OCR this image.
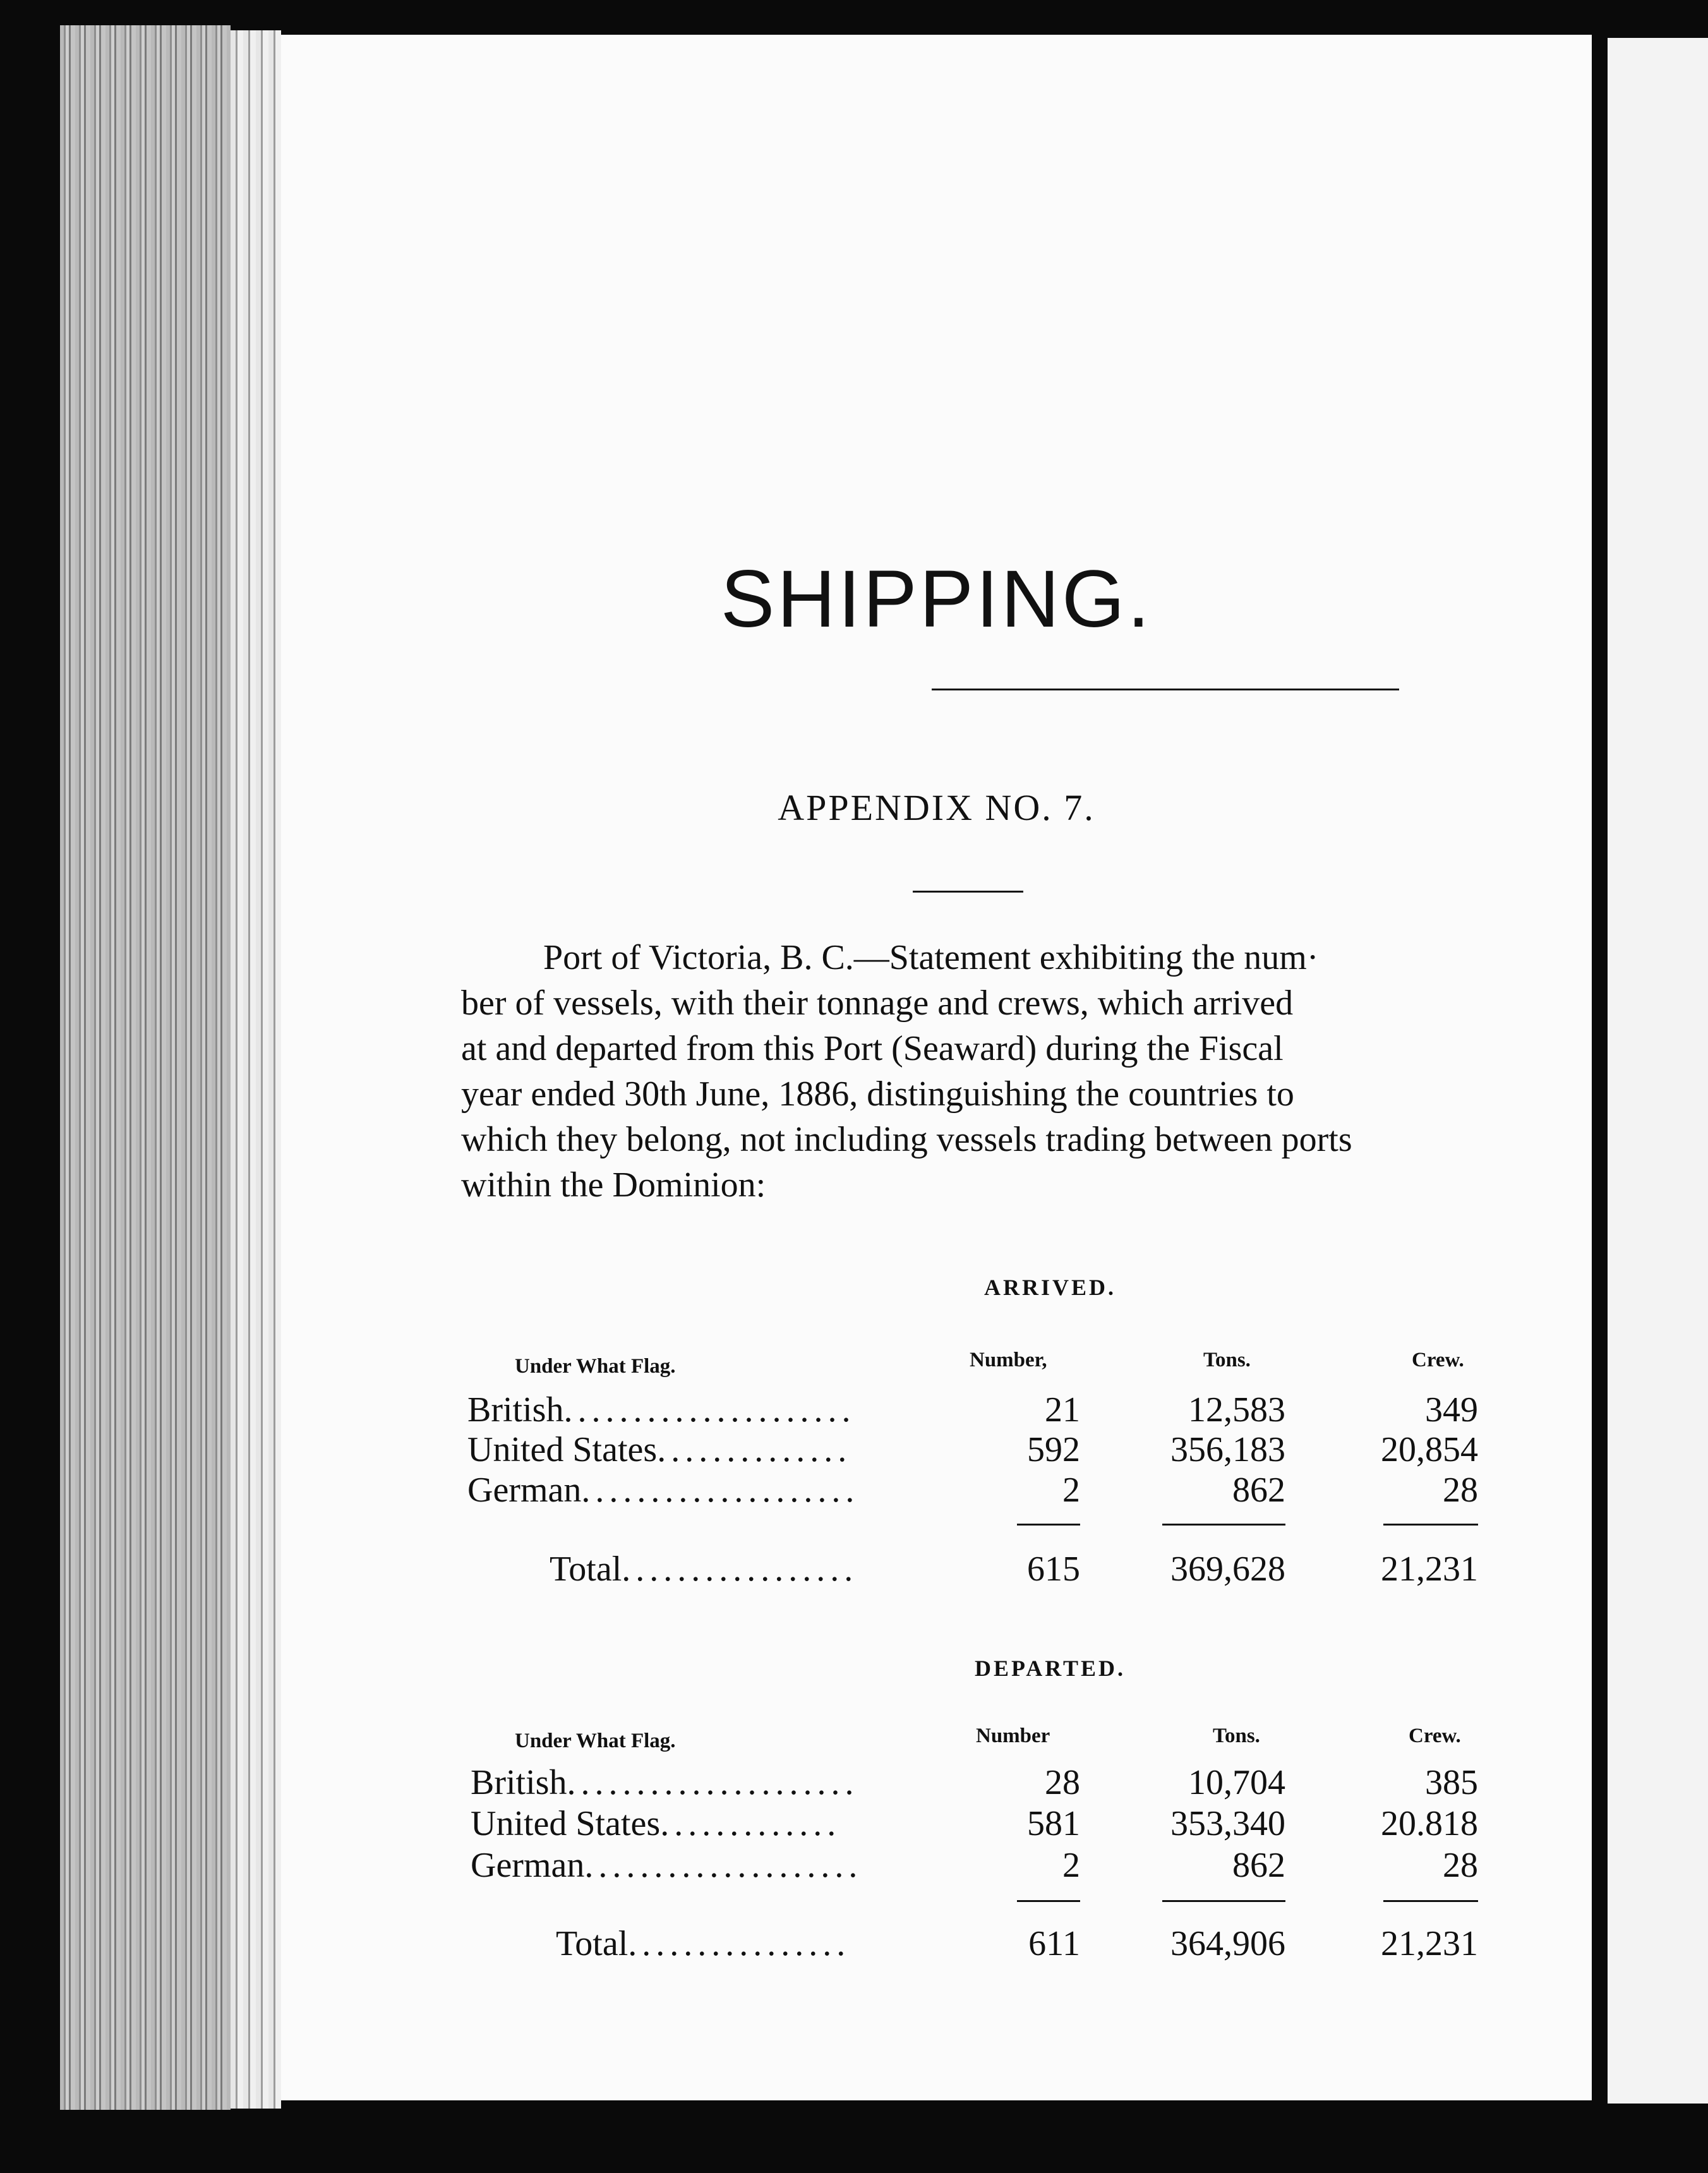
SHIPPING.
APPENDIX NO. 7.
Port of Victoria, B. C.—Statement exhibiting the num·
ber of vessels, with their tonnage and crews, which arrived
at and departed from this Port (Seaward) during the Fiscal
year ended 30th June, 1886, distinguishing the countries to
which they belong, not including vessels trading between ports
within the Dominion:
ARRIVED.
Under What Flag.	Number,	Tons.	Crew.
British.....................	21	12,583	349
United States..............	592	356,183	20,854
German....................	2	862	28
Total.................	615	369,628	21,231
DEPARTED.
Under What Flag.	Number	Tons.	Crew.
British.....................	28	10,704	385
United States.............	581	353,340	20.818
German....................	2	862	28
Total................	611	364,906	21,231
